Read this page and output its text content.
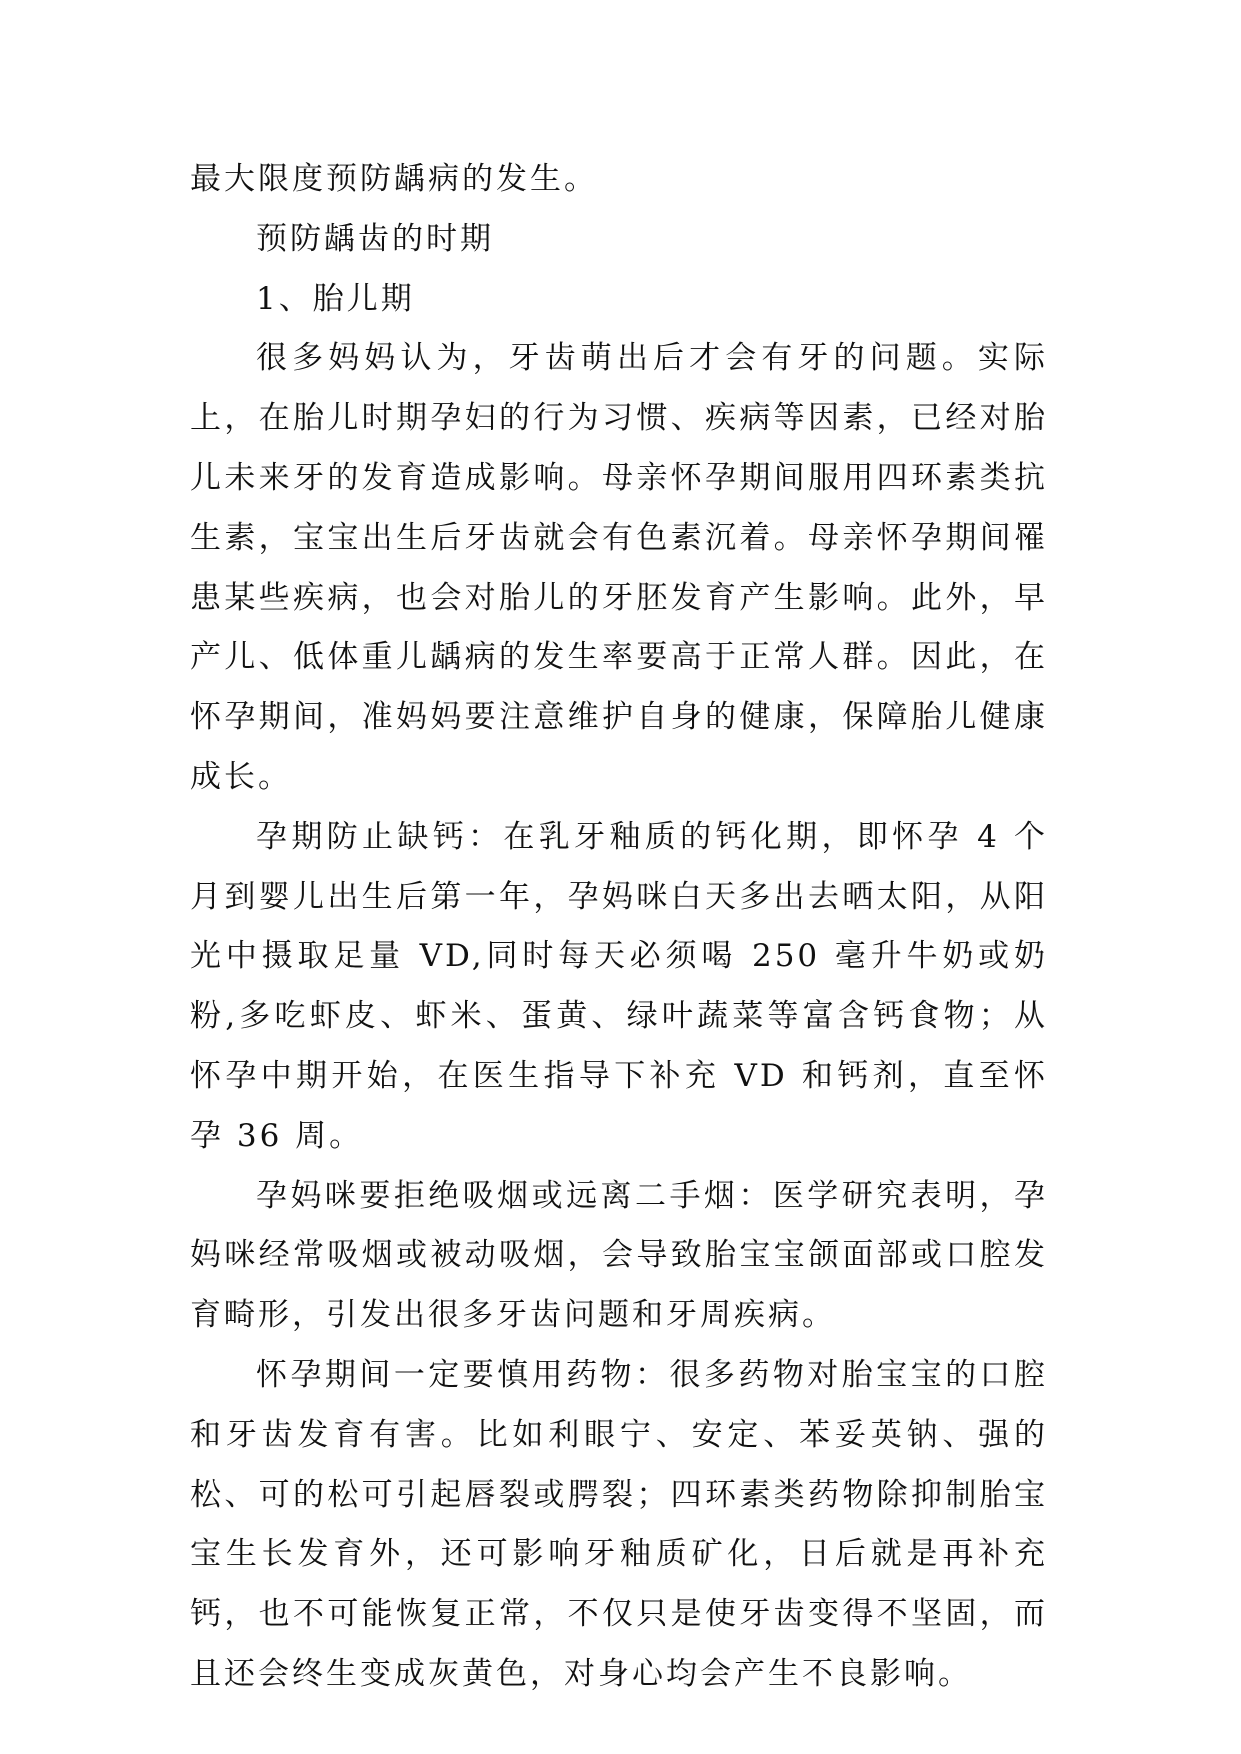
最大限度预防龋病的发生。

预防龋齿的时期

1、胎儿期

很多妈妈认为，牙齿萌出后才会有牙的问题。实际上，在胎儿时期孕妇的行为习惯、疾病等因素，已经对胎儿未来牙的发育造成影响。母亲怀孕期间服用四环素类抗生素，宝宝出生后牙齿就会有色素沉着。母亲怀孕期间罹患某些疾病，也会对胎儿的牙胚发育产生影响。此外，早产儿、低体重儿龋病的发生率要高于正常人群。因此，在怀孕期间，准妈妈要注意维护自身的健康，保障胎儿健康成长。

孕期防止缺钙：在乳牙釉质的钙化期，即怀孕 4 个月到婴儿出生后第一年，孕妈咪白天多出去晒太阳，从阳光中摄取足量 VD,同时每天必须喝 250 毫升牛奶或奶粉,多吃虾皮、虾米、蛋黄、绿叶蔬菜等富含钙食物；从怀孕中期开始，在医生指导下补充 VD 和钙剂，直至怀孕 36 周。

孕妈咪要拒绝吸烟或远离二手烟：医学研究表明，孕妈咪经常吸烟或被动吸烟，会导致胎宝宝颌面部或口腔发育畸形，引发出很多牙齿问题和牙周疾病。

怀孕期间一定要慎用药物：很多药物对胎宝宝的口腔和牙齿发育有害。比如利眼宁、安定、苯妥英钠、强的松、可的松可引起唇裂或腭裂；四环素类药物除抑制胎宝宝生长发育外，还可影响牙釉质矿化，日后就是再补充钙，也不可能恢复正常，不仅只是使牙齿变得不坚固，而且还会终生变成灰黄色，对身心均会产生不良影响。
